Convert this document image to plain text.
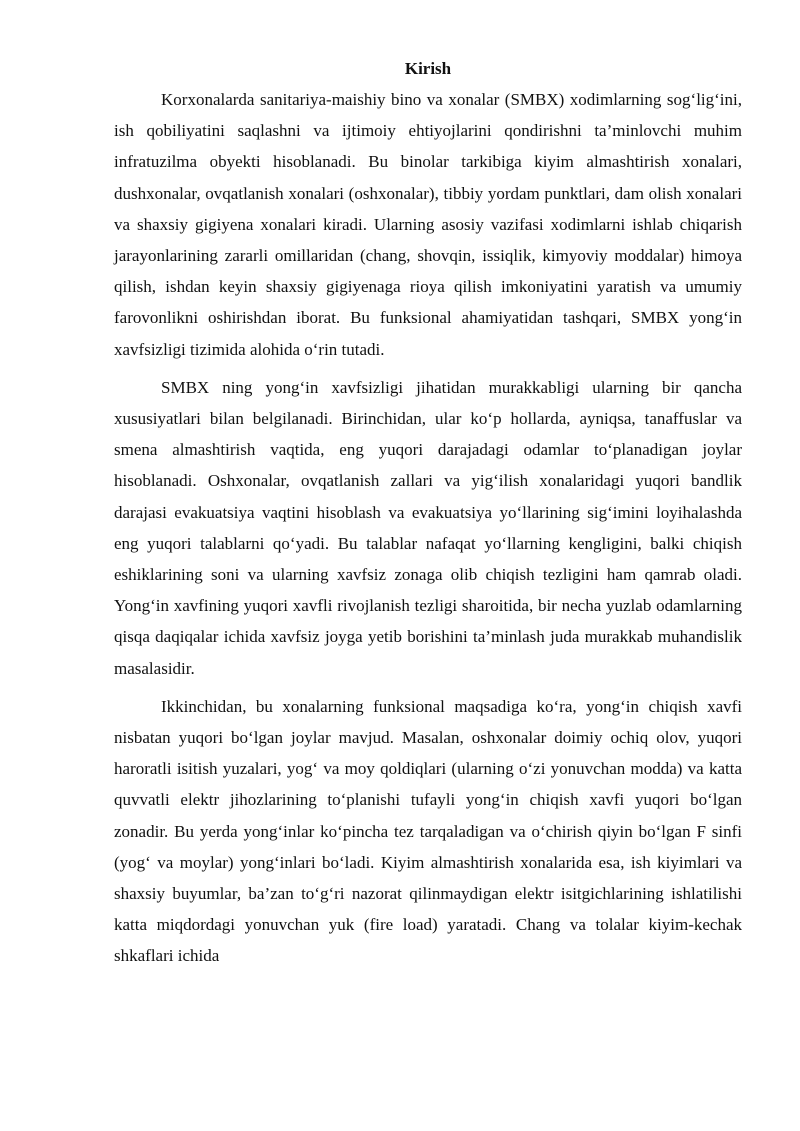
Kirish

Korxonalarda sanitariya-maishiy bino va xonalar (SMBX) xodimlarning sog‘lig‘ini, ish qobiliyatini saqlashni va ijtimoiy ehtiyojlarini qondirishni ta’minlovchi muhim infratuzilma obyekti hisoblanadi. Bu binolar tarkibiga kiyim almashtirish xonalari, dushxonalar, ovqatlanish xonalari (oshxonalar), tibbiy yordam punktlari, dam olish xonalari va shaxsiy gigiyena xonalari kiradi. Ularning asosiy vazifasi xodimlarni ishlab chiqarish jarayonlarining zararli omillaridan (chang, shovqin, issiqlik, kimyoviy moddalar) himoya qilish, ishdan keyin shaxsiy gigiyenaga rioya qilish imkoniyatini yaratish va umumiy farovonlikni oshirishdan iborat. Bu funksional ahamiyatidan tashqari, SMBX yong‘in xavfsizligi tizimida alohida o‘rin tutadi.

SMBX ning yong‘in xavfsizligi jihatidan murakkabligi ularning bir qancha xususiyatlari bilan belgilanadi. Birinchidan, ular ko‘p hollarda, ayniqsa, tanaffuslar va smena almashtirish vaqtida, eng yuqori darajadagi odamlar to‘planadigan joylar hisoblanadi. Oshxonalar, ovqatlanish zallari va yig‘ilish xonalaridagi yuqori bandlik darajasi evakuatsiya vaqtini hisoblash va evakuatsiya yo‘llarining sig‘imini loyihalashda eng yuqori talablarni qo‘yadi. Bu talablar nafaqat yo‘llarning kengligini, balki chiqish eshiklarining soni va ularning xavfsiz zonaga olib chiqish tezligini ham qamrab oladi. Yong‘in xavfining yuqori xavfli rivojlanish tezligi sharoitida, bir necha yuzlab odamlarning qisqa daqiqalar ichida xavfsiz joyga yetib borishini ta’minlash juda murakkab muhandislik masalasidir.

Ikkinchidan, bu xonalarning funksional maqsadiga ko‘ra, yong‘in chiqish xavfi nisbatan yuqori bo‘lgan joylar mavjud. Masalan, oshxonalar doimiy ochiq olov, yuqori haroratli isitish yuzalari, yog‘ va moy qoldiqlari (ularning o‘zi yonuvchan modda) va katta quvvatli elektr jihozlarining to‘planishi tufayli yong‘in chiqish xavfi yuqori bo‘lgan zonadir. Bu yerda yong‘inlar ko‘pincha tez tarqaladigan va o‘chirish qiyin bo‘lgan F sinfi (yog‘ va moylar) yong‘inlari bo‘ladi. Kiyim almashtirish xonalarida esa, ish kiyimlari va shaxsiy buyumlar, ba’zan to‘g‘ri nazorat qilinmaydigan elektr isitgichlarining ishlatilishi katta miqdordagi yonuvchan yuk (fire load) yaratadi. Chang va tolalar kiyim-kechak shkaflari ichida
